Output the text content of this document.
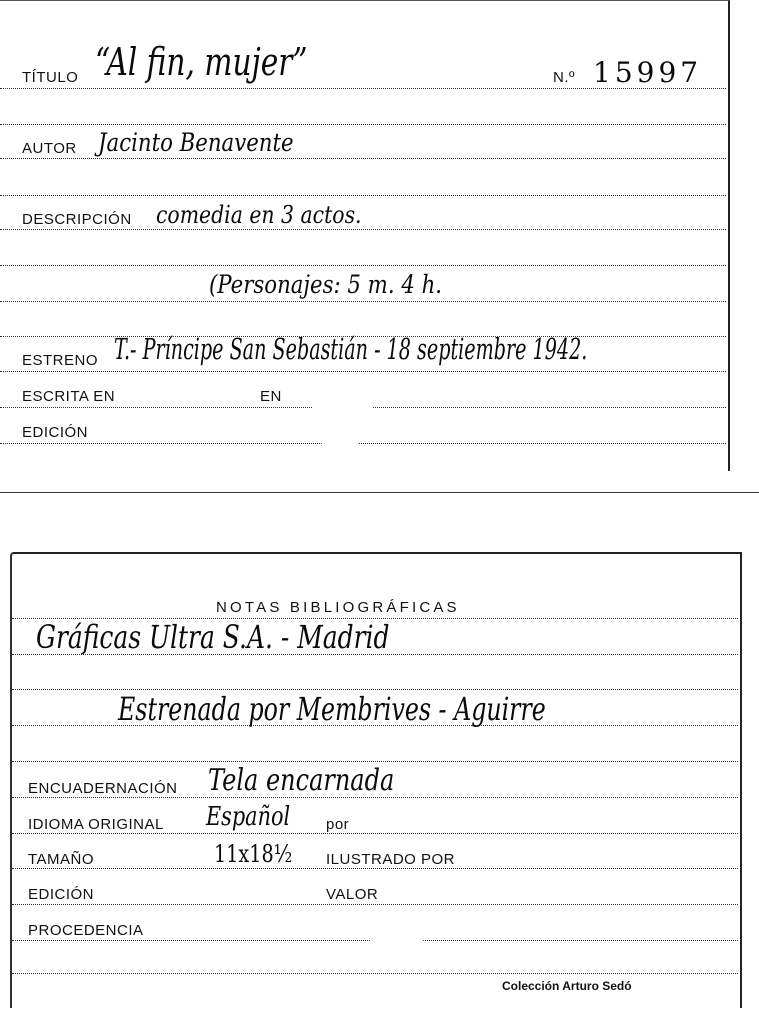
TÍTULO “Al fin, mujer”	N.º 15997
AUTOR Jacinto Benavente
DESCRIPCIÓN comedia en 3 actos.
(Personajes: 5 m. 4 h.
ESTRENO T.- Príncipe San Sebastián - 18 septiembre 1942.
ESCRITA EN	EN
EDICIÓN
NOTAS BIBLIOGRÁFICAS
Gráficas Ultra S.A. - Madrid
Estrenada por Membrives - Aguirre
ENCUADERNACIÓN Tela encarnada
IDIOMA ORIGINAL Español por
TAMAÑO	11x18½ ILUSTRADO POR
EDICIÓN	VALOR
PROCEDENCIA
Colección Arturo Sedó
